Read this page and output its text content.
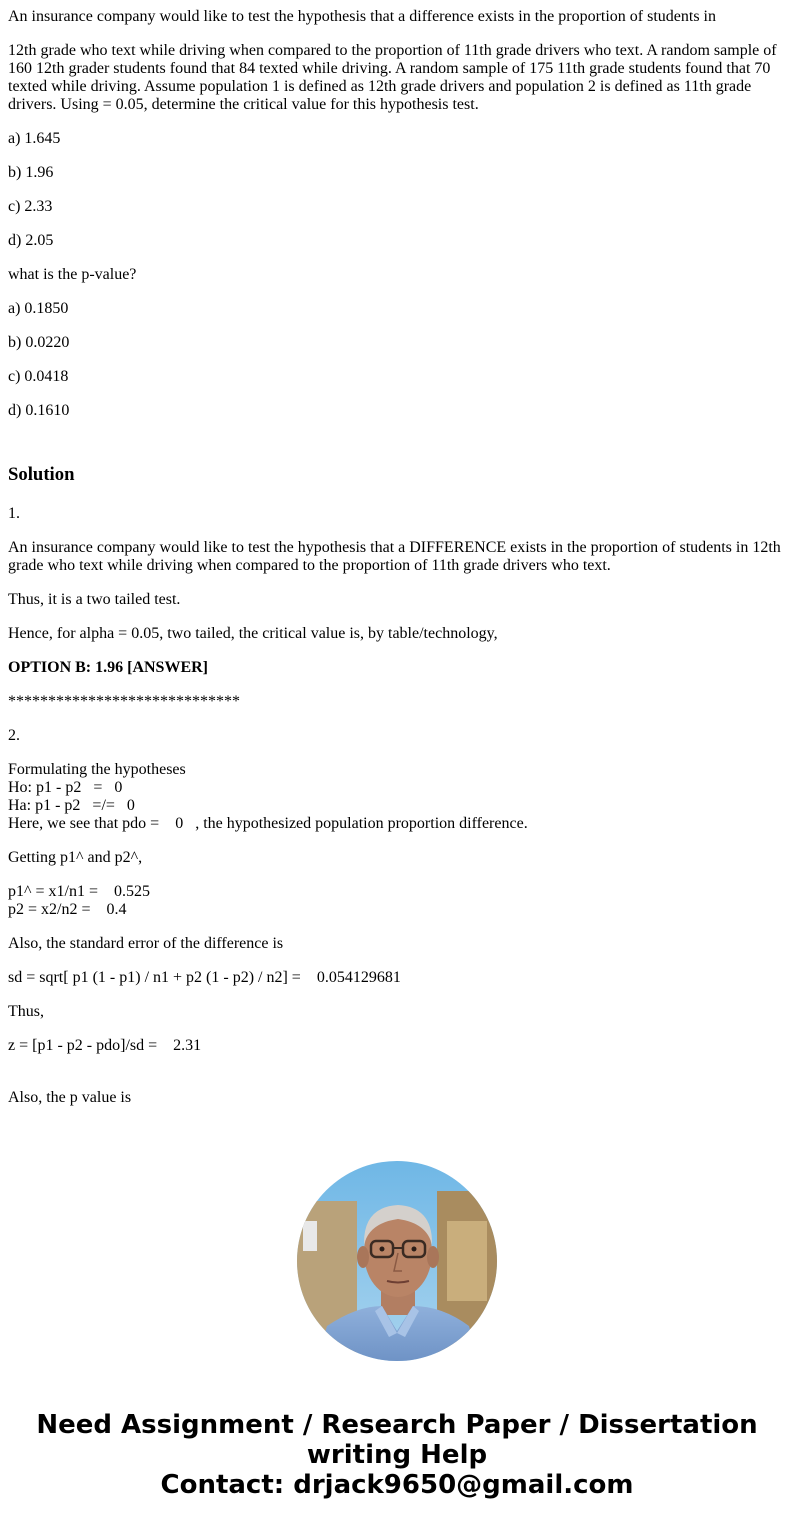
An insurance company would like to test the hypothesis that a difference exists in the proportion of students in

12th grade who text while driving when compared to the proportion of 11th grade drivers who text. A random sample of 160 12th grader students found that 84 texted while driving. A random sample of 175 11th grade students found that 70 texted while driving. Assume population 1 is defined as 12th grade drivers and population 2 is defined as 11th grade drivers. Using = 0.05, determine the critical value for this hypothesis test.

a) 1.645

b) 1.96

c) 2.33

d) 2.05

what is the p-value?

a) 0.1850

b) 0.0220

c) 0.0418

d) 0.1610

Solution

1.

An insurance company would like to test the hypothesis that a DIFFERENCE exists in the proportion of students in 12th grade who text while driving when compared to the proportion of 11th grade drivers who text.

Thus, it is a two tailed test.

Hence, for alpha = 0.05, two tailed, the critical value is, by table/technology,

OPTION B: 1.96 [ANSWER]

*****************************

2.

Formulating the hypotheses
Ho: p1 - p2   =   0
Ha: p1 - p2   =/=   0
Here, we see that pdo =    0   , the hypothesized population proportion difference.

Getting p1^ and p2^,

p1^ = x1/n1 =    0.525
p2 = x2/n2 =    0.4

Also, the standard error of the difference is

sd = sqrt[ p1 (1 - p1) / n1 + p2 (1 - p2) / n2] =    0.054129681

Thus,

z = [p1 - p2 - pdo]/sd =    2.31

Also, the p value is

Need Assignment / Research Paper / Dissertation
writing Help
Contact: drjack9650@gmail.com
